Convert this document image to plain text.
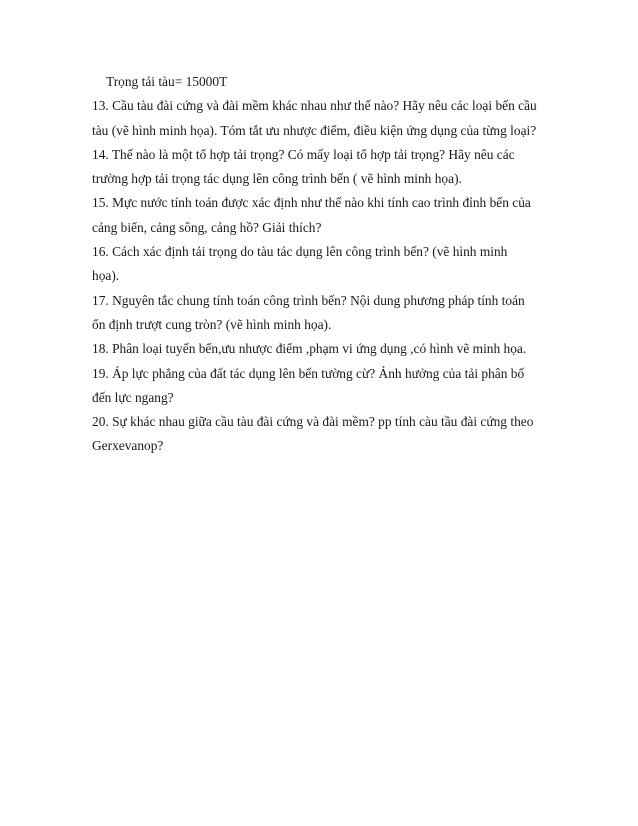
Trọng tải tàu= 15000T
13. Cầu tàu đài cứng và đài mềm khác nhau như thế nào? Hãy nêu các loại bến cầu
tàu (vẽ hình minh họa). Tóm tắt ưu nhược điểm, điều kiện ứng dụng của từng loại?
14. Thế nào là một tổ hợp tải trọng? Có mấy loại tổ hợp tải trọng? Hãy nêu các
trường hợp tải trọng tác dụng lên công trình bến ( vẽ hình minh họa).
15. Mực nước tính toán được xác định như thế nào khi tính cao trình đỉnh bến của
cảng biển, cảng sông, cảng hồ? Giải thích?
16. Cách xác định tải trọng do tàu tác dụng lên công trình bến? (vẽ hình minh
họa).
17. Nguyên tắc chung tính toán công trình bến? Nội dung phương pháp tính toán
ổn định trượt cung tròn? (vẽ hình minh họa).
18. Phân loại tuyến bến,ưu nhược điểm ,phạm vi ứng dụng ,có hình vẽ minh họa.
19. Áp lực phẳng của đất tác dụng lên bến tường cừ? Ảnh hưởng của tải phân bố
đến lực ngang?
20. Sự khác nhau giữa cầu tàu đài cứng và đài mềm? pp tính càu tầu đài cứng theo
Gerxevanop?
